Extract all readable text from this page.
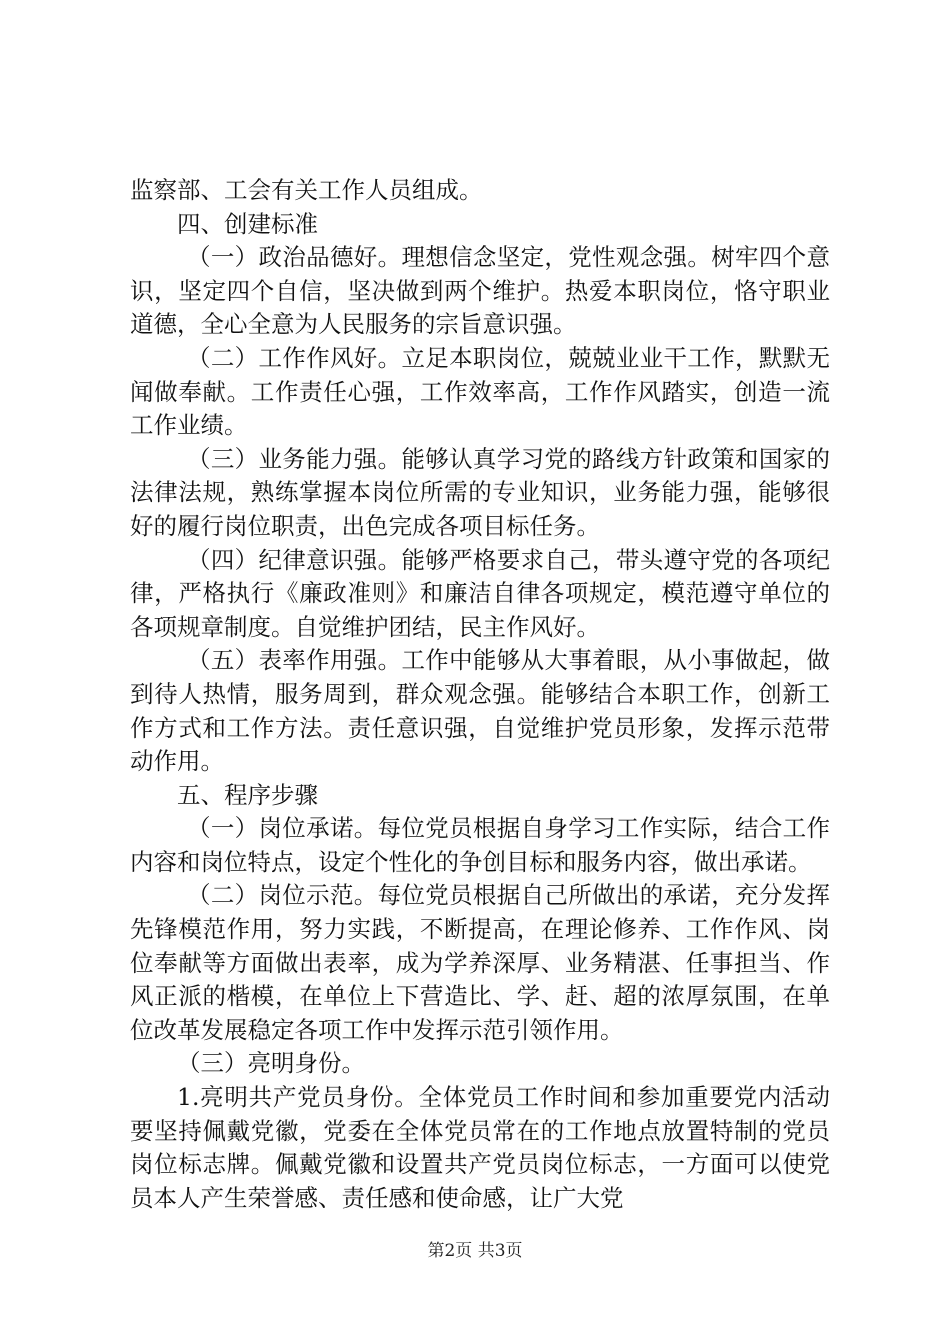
监察部、工会有关工作人员组成。

四、创建标准

（一）政治品德好。理想信念坚定，党性观念强。树牢四个意识，坚定四个自信，坚决做到两个维护。热爱本职岗位，恪守职业道德，全心全意为人民服务的宗旨意识强。

（二）工作作风好。立足本职岗位，兢兢业业干工作，默默无闻做奉献。工作责任心强，工作效率高，工作作风踏实，创造一流工作业绩。

（三）业务能力强。能够认真学习党的路线方针政策和国家的法律法规，熟练掌握本岗位所需的专业知识，业务能力强，能够很好的履行岗位职责，出色完成各项目标任务。

（四）纪律意识强。能够严格要求自己，带头遵守党的各项纪律，严格执行《廉政准则》和廉洁自律各项规定，模范遵守单位的各项规章制度。自觉维护团结，民主作风好。

（五）表率作用强。工作中能够从大事着眼，从小事做起，做到待人热情，服务周到，群众观念强。能够结合本职工作，创新工作方式和工作方法。责任意识强，自觉维护党员形象，发挥示范带动作用。

五、程序步骤

（一）岗位承诺。每位党员根据自身学习工作实际，结合工作内容和岗位特点，设定个性化的争创目标和服务内容，做出承诺。

（二）岗位示范。每位党员根据自己所做出的承诺，充分发挥先锋模范作用，努力实践，不断提高，在理论修养、工作作风、岗位奉献等方面做出表率，成为学养深厚、业务精湛、任事担当、作风正派的楷模，在单位上下营造比、学、赶、超的浓厚氛围，在单位改革发展稳定各项工作中发挥示范引领作用。

（三）亮明身份。

1.亮明共产党员身份。全体党员工作时间和参加重要党内活动要坚持佩戴党徽，党委在全体党员常在的工作地点放置特制的党员岗位标志牌。佩戴党徽和设置共产党员岗位标志，一方面可以使党员本人产生荣誉感、责任感和使命感，让广大党

第2页 共3页
